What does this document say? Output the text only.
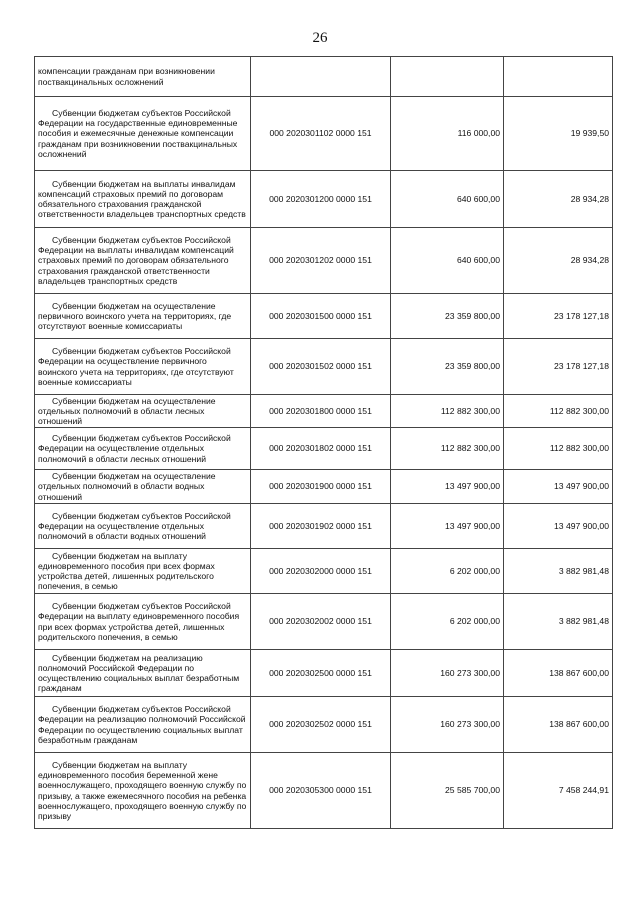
26
компенсации гражданам при возникновении поствакцинальных осложнений			
Субвенции бюджетам субъектов Российской Федерации на государственные единовременные пособия и ежемесячные денежные компенсации гражданам при возникновении поствакцинальных осложнений	000 2020301102 0000 151	116 000,00	19 939,50
Субвенции бюджетам на выплаты инвалидам компенсаций страховых премий по договорам обязательного страхования гражданской ответственности владельцев транспортных средств	000 2020301200 0000 151	640 600,00	28 934,28
Субвенции бюджетам субъектов Российской Федерации на выплаты инвалидам компенсаций страховых премий по договорам обязательного страхования гражданской ответственности владельцев транспортных средств	000 2020301202 0000 151	640 600,00	28 934,28
Субвенции бюджетам на осуществление первичного воинского учета на территориях, где отсутствуют военные комиссариаты	000 2020301500 0000 151	23 359 800,00	23 178 127,18
Субвенции бюджетам субъектов Российской Федерации на осуществление первичного воинского учета на территориях, где отсутствуют военные комиссариаты	000 2020301502 0000 151	23 359 800,00	23 178 127,18
Субвенции бюджетам на осуществление отдельных полномочий в области лесных отношений	000 2020301800 0000 151	112 882 300,00	112 882 300,00
Субвенции бюджетам субъектов Российской Федерации на осуществление отдельных полномочий в области лесных отношений	000 2020301802 0000 151	112 882 300,00	112 882 300,00
Субвенции бюджетам на осуществление отдельных полномочий в области водных отношений	000 2020301900 0000 151	13 497 900,00	13 497 900,00
Субвенции бюджетам субъектов Российской Федерации на осуществление отдельных полномочий в области водных отношений	000 2020301902 0000 151	13 497 900,00	13 497 900,00
Субвенции бюджетам на выплату единовременного пособия при всех формах устройства детей, лишенных родительского попечения, в семью	000 2020302000 0000 151	6 202 000,00	3 882 981,48
Субвенции бюджетам субъектов Российской Федерации на выплату единовременного пособия при всех формах устройства детей, лишенных родительского попечения, в семью	000 2020302002 0000 151	6 202 000,00	3 882 981,48
Субвенции бюджетам на реализацию полномочий Российской Федерации по осуществлению социальных выплат безработным гражданам	000 2020302500 0000 151	160 273 300,00	138 867 600,00
Субвенции бюджетам субъектов Российской Федерации на реализацию полномочий Российской Федерации по осуществлению социальных выплат безработным гражданам	000 2020302502 0000 151	160 273 300,00	138 867 600,00
Субвенции бюджетам на выплату единовременного пособия беременной жене военнослужащего, проходящего военную службу по призыву, а также ежемесячного пособия на ребенка военнослужащего, проходящего военную службу по призыву	000 2020305300 0000 151	25 585 700,00	7 458 244,91
